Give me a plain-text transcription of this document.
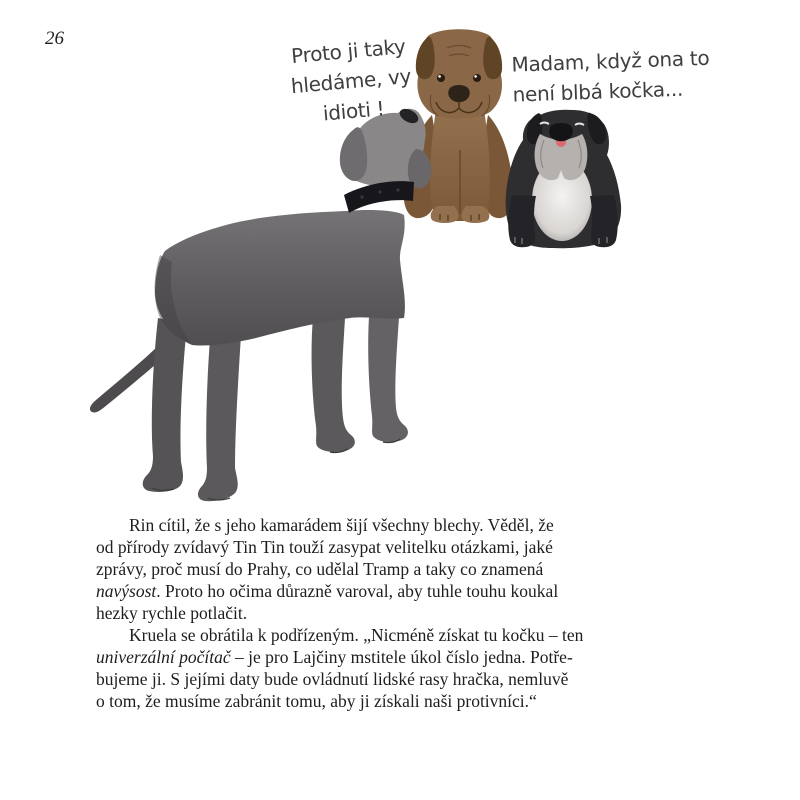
26	Proto ji taky
hledáme, vy
idioti !
Madam, když ona to
není blbá kočka...
Rin cítil, že s jeho kamarádem šijí všechny blechy. Věděl, že
od přírody zvídavý Tin Tin touží zasypat velitelku otázkami, jaké
zprávy, proč musí do Prahy, co udělal Tramp a taky co znamená
navýsost. Proto ho očima důrazně varoval, aby tuhle touhu koukal
hezky rychle potlačit.
Kruela se obrátila k podřízeným. „Nicméně získat tu kočku – ten
univerzální počítač – je pro Lajčiny mstitele úkol číslo jedna. Potře-
bujeme ji. S jejími daty bude ovládnutí lidské rasy hračka, nemluvě
o tom, že musíme zabránit tomu, aby ji získali naši protivníci.“
